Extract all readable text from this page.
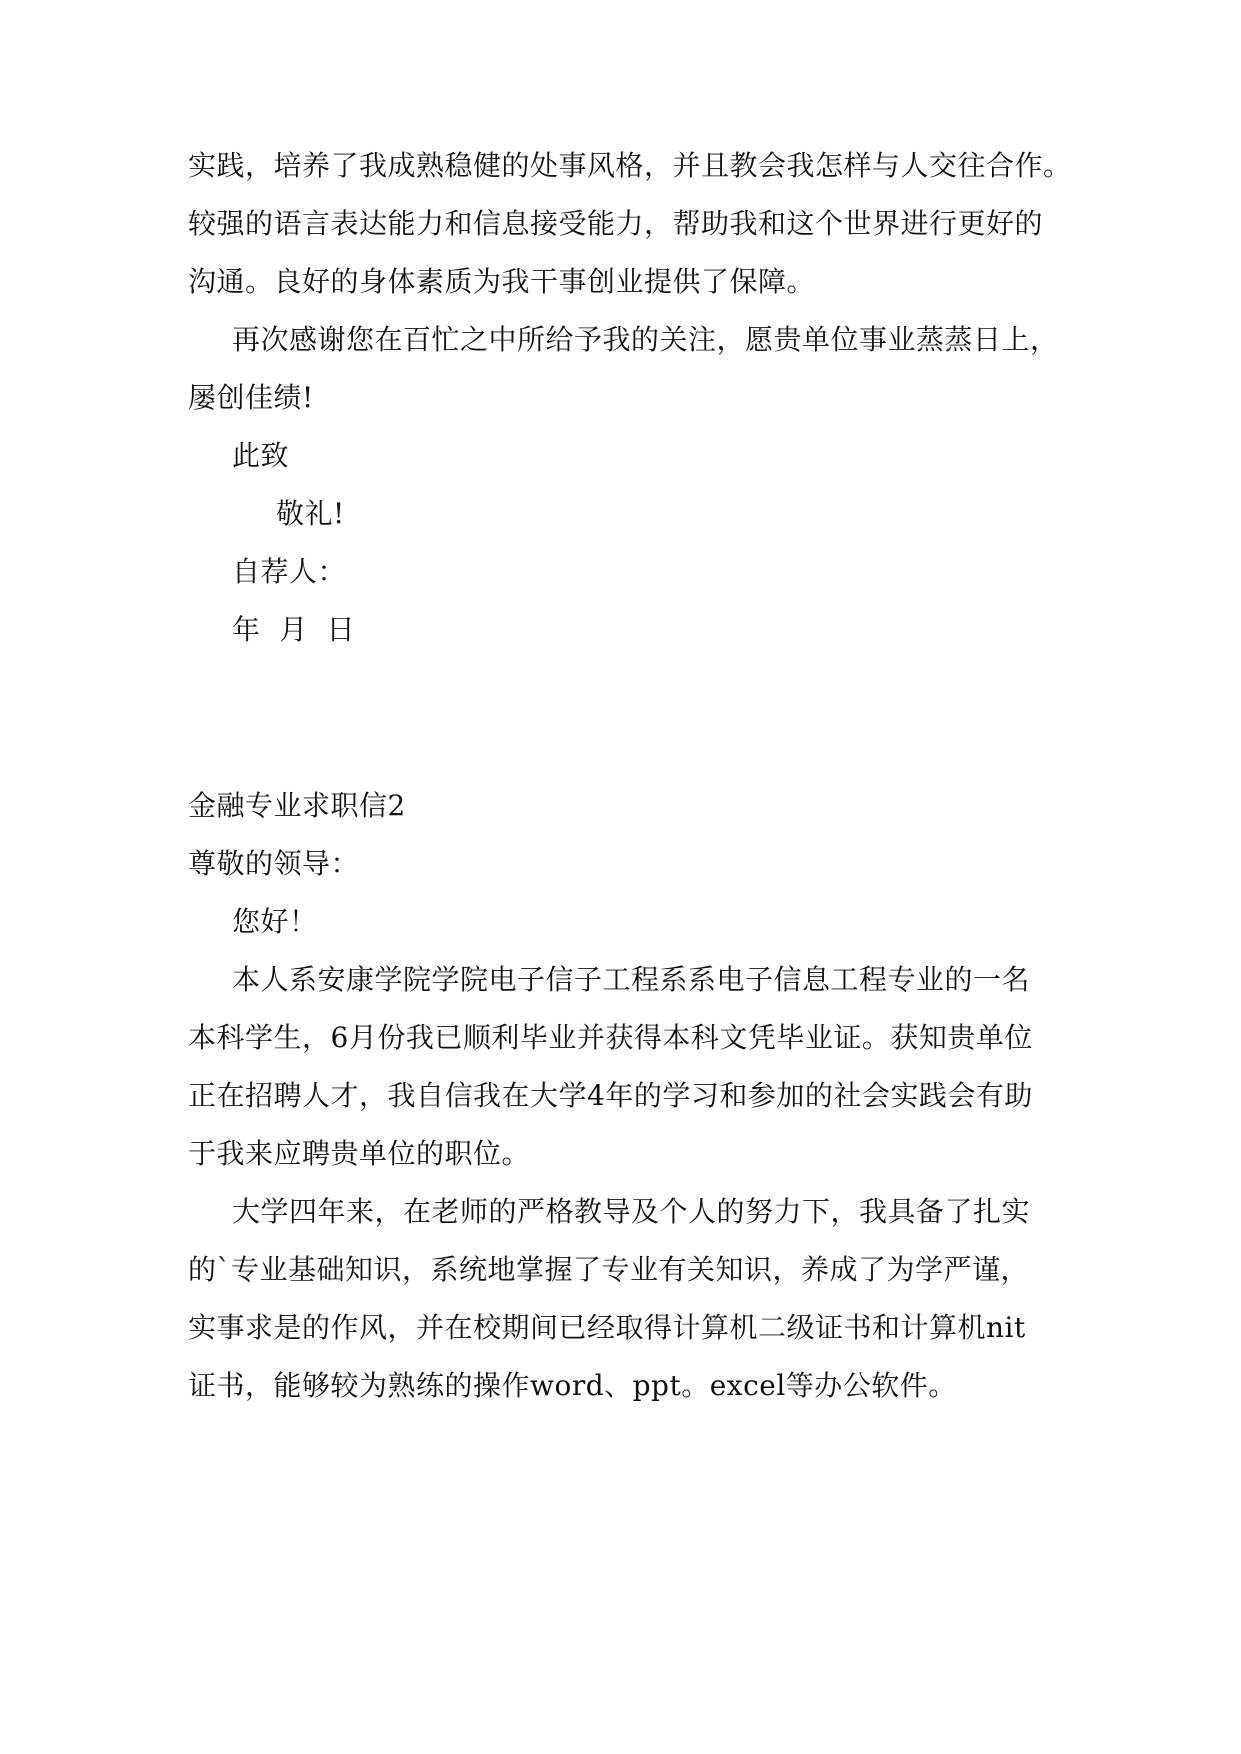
实践，培养了我成熟稳健的处事风格，并且教会我怎样与人交往合作。
较强的语言表达能力和信息接受能力，帮助我和这个世界进行更好的
沟通。良好的身体素质为我干事创业提供了保障。
再次感谢您在百忙之中所给予我的关注，愿贵单位事业蒸蒸日上，
屡创佳绩!
此致
敬礼!
自荐人：
年  月  日
金融专业求职信2
尊敬的领导：
您好！
本人系安康学院学院电子信子工程系系电子信息工程专业的一名
本科学生，6月份我已顺利毕业并获得本科文凭毕业证。获知贵单位
正在招聘人才，我自信我在大学4年的学习和参加的社会实践会有助
于我来应聘贵单位的职位。
大学四年来，在老师的严格教导及个人的努力下，我具备了扎实
的`专业基础知识，系统地掌握了专业有关知识，养成了为学严谨，
实事求是的作风，并在校期间已经取得计算机二级证书和计算机nit
证书，能够较为熟练的操作word、ppt。excel等办公软件。
